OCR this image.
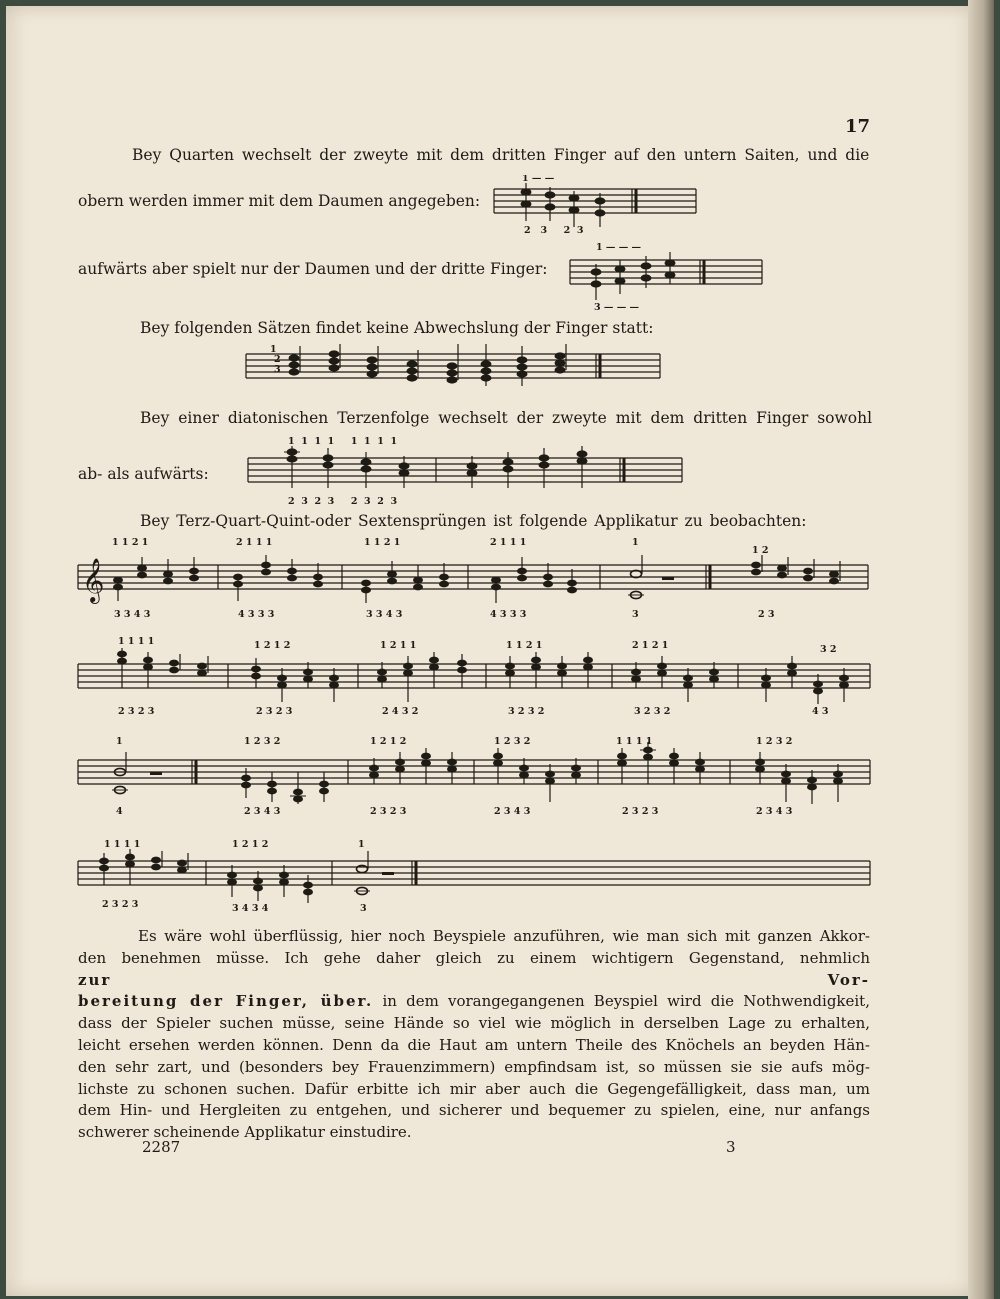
17
Bey Quarten wechselt der zweyte mit dem dritten Finger auf den untern Saiten, und die
obern werden immer mit dem Daumen angegeben:
aufwärts aber spielt nur der Daumen und der dritte Finger:
Bey folgenden Sätzen findet keine Abwechslung der Finger statt:
Bey einer diatonischen Terzenfolge wechselt der zweyte mit dem dritten Finger sowohl
ab- als aufwärts:
Bey Terz-Quart-Quint-oder Sextensprüngen ist folgende Applikatur zu beobachten:
1 — —
2   3     2  3
1 — — —
3 — — —
1
2
3
1  1  1  1     1  1  1  1
2  3  2  3     2  3  2  3
𝄞
1 1 2 1	2 1 1 1	1 1 2 1	2 1 1 1	1
1 2
3 3 4 3	4 3 3 3	3 3 4 3	4 3 3 3	3	2 3
1 1 1 1	1 2 1 2	1 2 1 1	1 1 2 1	2 1 2 1	3 2
2 3 2 3	2 3 2 3	2 4 3 2	3 2 3 2	3 2 3 2	4 3
1	1 2 3 2	1 2 1 2	1 2 3 2	1 1 1 1	1 2 3 2
4	2 3 4 3	2 3 2 3	2 3 4 3	2 3 2 3	2 3 4 3
1 1 1 1	1 2 1 2	1
2 3 2 3	3 4 3 4	3
Es wäre wohl überflüssig, hier noch Beyspiele anzuführen, wie man sich mit ganzen Akkor-
den benehmen müsse. Ich gehe daher gleich zu einem wichtigern Gegenstand, nehmlich
zur Vor-
bereitung der Finger, über. in dem vorangegangenen Beyspiel wird die Nothwendigkeit,
dass der Spieler suchen müsse, seine Hände so viel wie möglich in derselben Lage zu erhalten,
leicht ersehen werden können. Denn da die Haut am untern Theile des Knöchels an beyden Hän-
den sehr zart, und (besonders bey Frauenzimmern) empfindsam ist, so müssen sie sie aufs mög-
lichste zu schonen suchen. Dafür erbitte ich mir aber auch die Gegengefälligkeit, dass man, um
dem Hin- und Hergleiten zu entgehen, und sicherer und bequemer zu spielen, eine, nur anfangs
schwerer scheinende Applikatur einstudire.
2287	3
